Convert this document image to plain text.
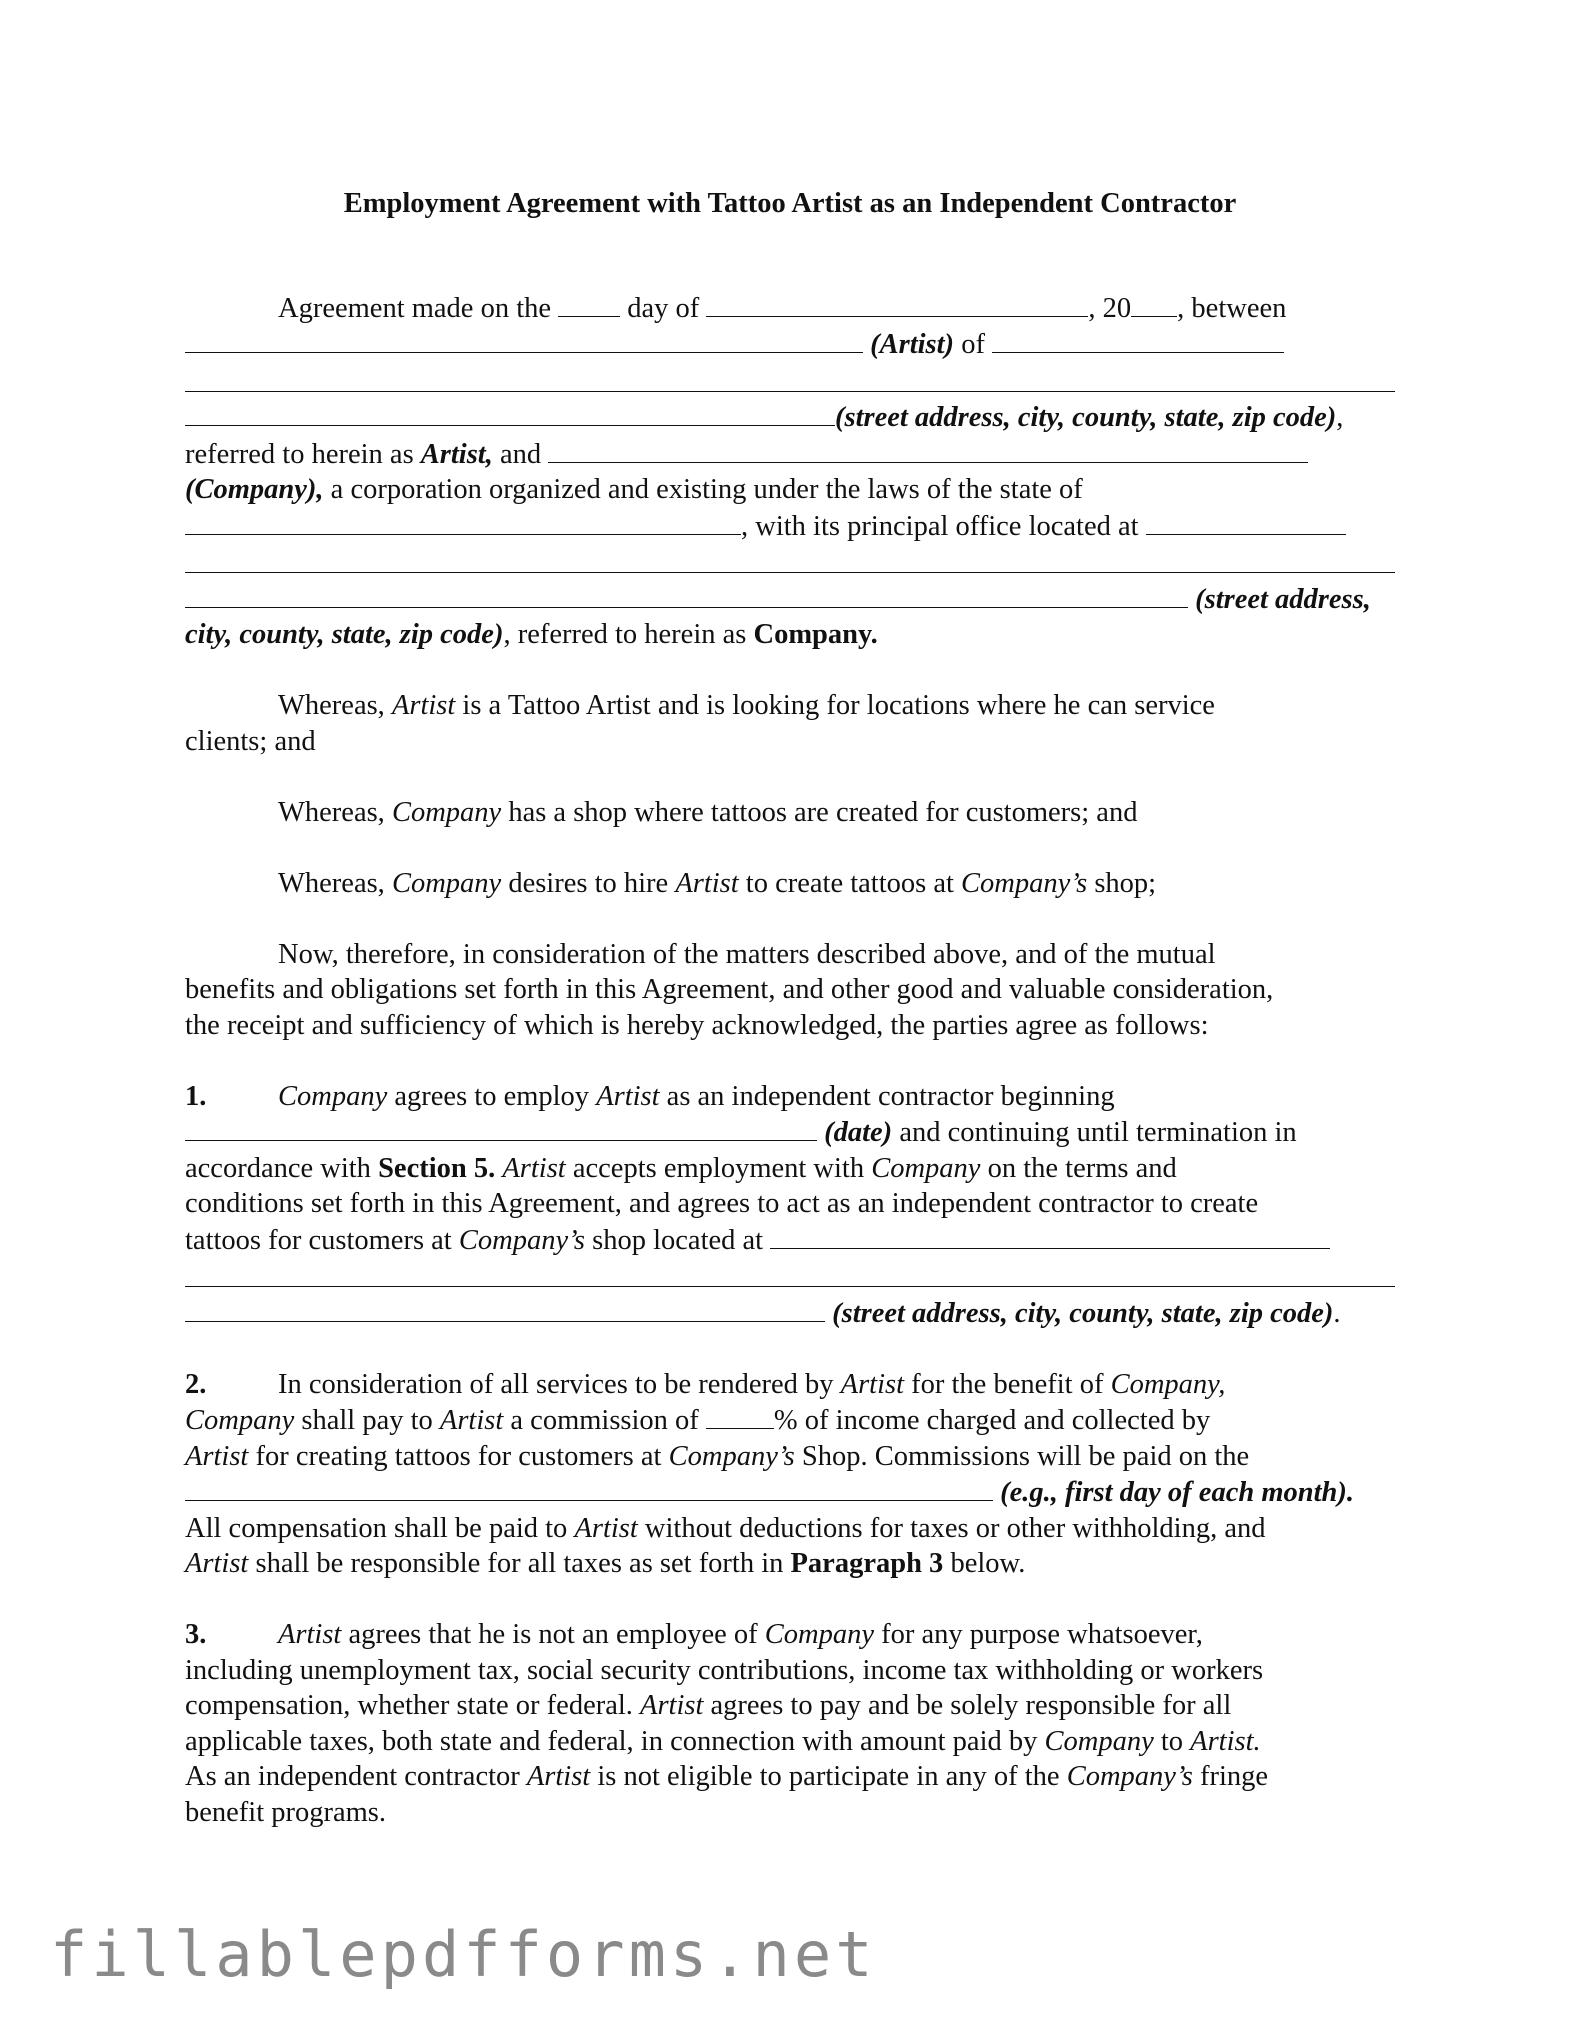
Employment Agreement with Tattoo Artist as an Independent Contractor
Agreement made on the	day of	, 20 , between
(Artist) of
(street address, city, county, state, zip code),
referred to herein as Artist, and
(Company), a corporation organized and existing under the laws of the state of
, with its principal office located at
(street address,
city, county, state, zip code), referred to herein as Company.
Whereas, Artist is a Tattoo Artist and is looking for locations where he can service
clients; and
Whereas, Company has a shop where tattoos are created for customers; and
Whereas, Company desires to hire Artist to create tattoos at Company’s shop;
Now, therefore, in consideration of the matters described above, and of the mutual
benefits and obligations set forth in this Agreement, and other good and valuable consideration,
the receipt and sufficiency of which is hereby acknowledged, the parties agree as follows:
1.	Company agrees to employ Artist as an independent contractor beginning
(date) and continuing until termination in
accordance with Section 5. Artist accepts employment with Company on the terms and
conditions set forth in this Agreement, and agrees to act as an independent contractor to create
tattoos for customers at Company’s shop located at
(street address, city, county, state, zip code).
2.	In consideration of all services to be rendered by Artist for the benefit of Company,
Company shall pay to Artist a commission of	% of income charged and collected by
Artist for creating tattoos for customers at Company’s Shop. Commissions will be paid on the
(e.g., first day of each month).
All compensation shall be paid to Artist without deductions for taxes or other withholding, and
Artist shall be responsible for all taxes as set forth in Paragraph 3 below.
3.	Artist agrees that he is not an employee of Company for any purpose whatsoever,
including unemployment tax, social security contributions, income tax withholding or workers
compensation, whether state or federal. Artist agrees to pay and be solely responsible for all
applicable taxes, both state and federal, in connection with amount paid by Company to Artist.
As an independent contractor Artist is not eligible to participate in any of the Company’s fringe
benefit programs.
fillablepdfforms.net
